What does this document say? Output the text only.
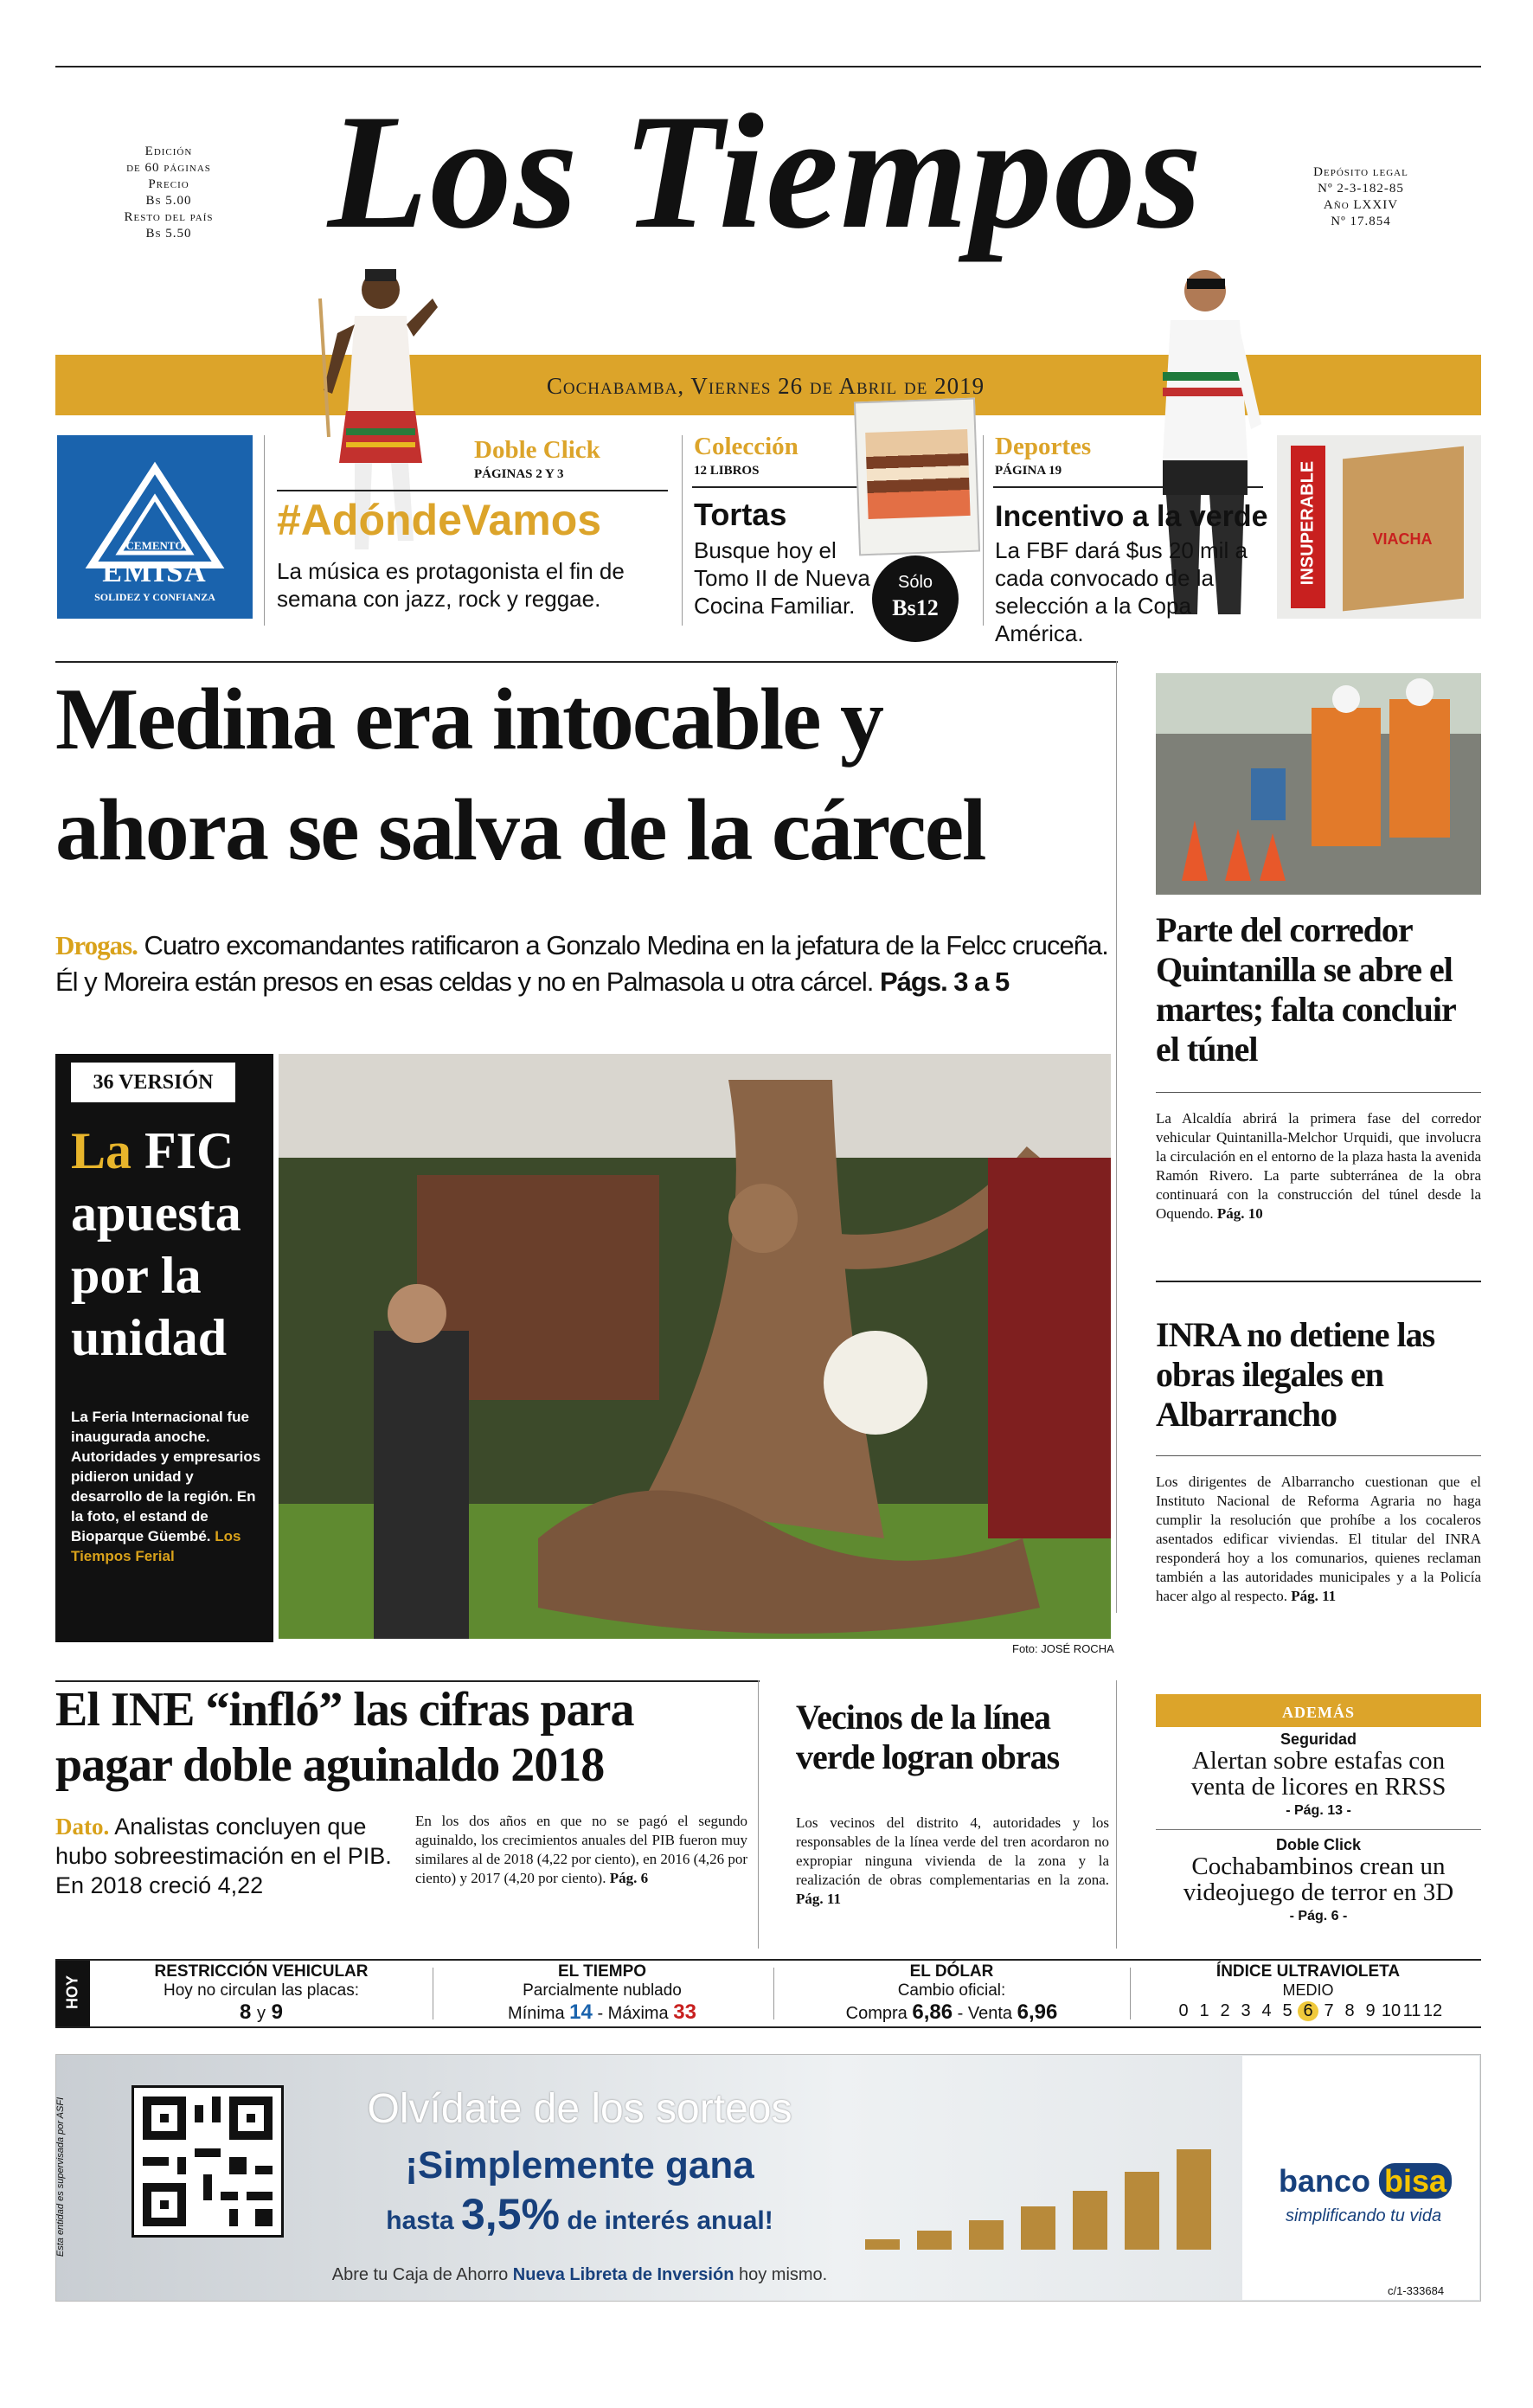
Edición
de 60 páginas
Precio
Bs 5.00
Resto del país
Bs 5.50 Los Tiempos	Depósito legal
Nº 2-3-182-85
Año LXXIV
Nº 17.854
Cochabamba, Viernes 26 de Abril de 2019
CEMENTO
EMISA
SOLIDEZ Y CONFIANZA
Doble Click
PÁGINAS 2 Y 3
#AdóndeVamos
La música es protagonista el fin de semana con jazz, rock y reggae.
Colección
12 LIBROS
Tortas
Busque hoy el Tomo II de Nueva Cocina Familiar.
Sólo
Bs12
Deportes
PÁGINA 19
Incentivo a la verde
La FBF dará $us 20 mil a cada convocado de la selección a la Copa América.
INSUPERABLE	VIACHA
Medina era intocable y ahora se salva de la cárcel
Drogas. Cuatro excomandantes ratificaron a Gonzalo Medina en la jefatura de la Felcc cruceña. Él y Moreira están presos en esas celdas y no en Palmasola u otra cárcel. Págs. 3 a 5
36 VERSIÓN
La FIC apuesta por la unidad
La Feria Internacional fue inaugurada anoche. Autoridades y empresarios pidieron unidad y desarrollo de la región. En la foto, el estand de Bioparque Güembé. Los Tiempos Ferial
Foto: JOSÉ ROCHA
Parte del corredor Quintanilla se abre el martes; falta concluir el túnel
La Alcaldía abrirá la primera fase del corredor vehicular Quintanilla-Melchor Urquidi, que involucra la circulación en el entorno de la plaza hasta la avenida Ramón Rivero. La parte subterránea de la obra continuará con la construcción del túnel desde la Oquendo. Pág. 10
INRA no detiene las obras ilegales en Albarrancho
Los dirigentes de Albarrancho cuestionan que el Instituto Nacional de Reforma Agraria no haga cumplir la resolución que prohíbe a los cocaleros asentados edificar viviendas. El titular del INRA responderá hoy a los comunarios, quienes reclaman también a las autoridades municipales y a la Policía hacer algo al respecto. Pág. 11
El INE “infló” las cifras para pagar doble aguinaldo 2018
Dato. Analistas concluyen que hubo sobreestimación en el PIB. En 2018 creció 4,22
En los dos años en que no se pagó el segundo aguinaldo, los crecimientos anuales del PIB fueron muy similares al de 2018 (4,22 por ciento), en 2016 (4,26 por ciento) y 2017 (4,20 por ciento). Pág. 6
Vecinos de la línea verde logran obras
Los vecinos del distrito 4, autoridades y los responsables de la línea verde del tren acordaron no expropiar ninguna vivienda de la zona y la realización de obras complementarias en la zona. Pág. 11
ADEMÁS
Seguridad
Alertan sobre estafas con venta de licores en RRSS
- Pág. 13 -
Doble Click
Cochabambinos crean un videojuego de terror en 3D
- Pág. 6 -
HOY
RESTRICCIÓN VEHICULAR
Hoy no circulan las placas:
8 y 9
EL TIEMPO
Parcialmente nublado
Mínima 14 - Máxima 33
EL DÓLAR
Cambio oficial:
Compra 6,86 - Venta 6,96
ÍNDICE ULTRAVIOLETA
MEDIO
0 1 2 3 4 5 6 7 8 9 10 11 12
Esta entidad es supervisada por ASFI	Olvídate de los sorteos
¡Simplemente gana
hasta 3,5% de interés anual!
Abre tu Caja de Ahorro Nueva Libreta de Inversión hoy mismo.
banco bisa
simplificando tu vida
c/1-333684
